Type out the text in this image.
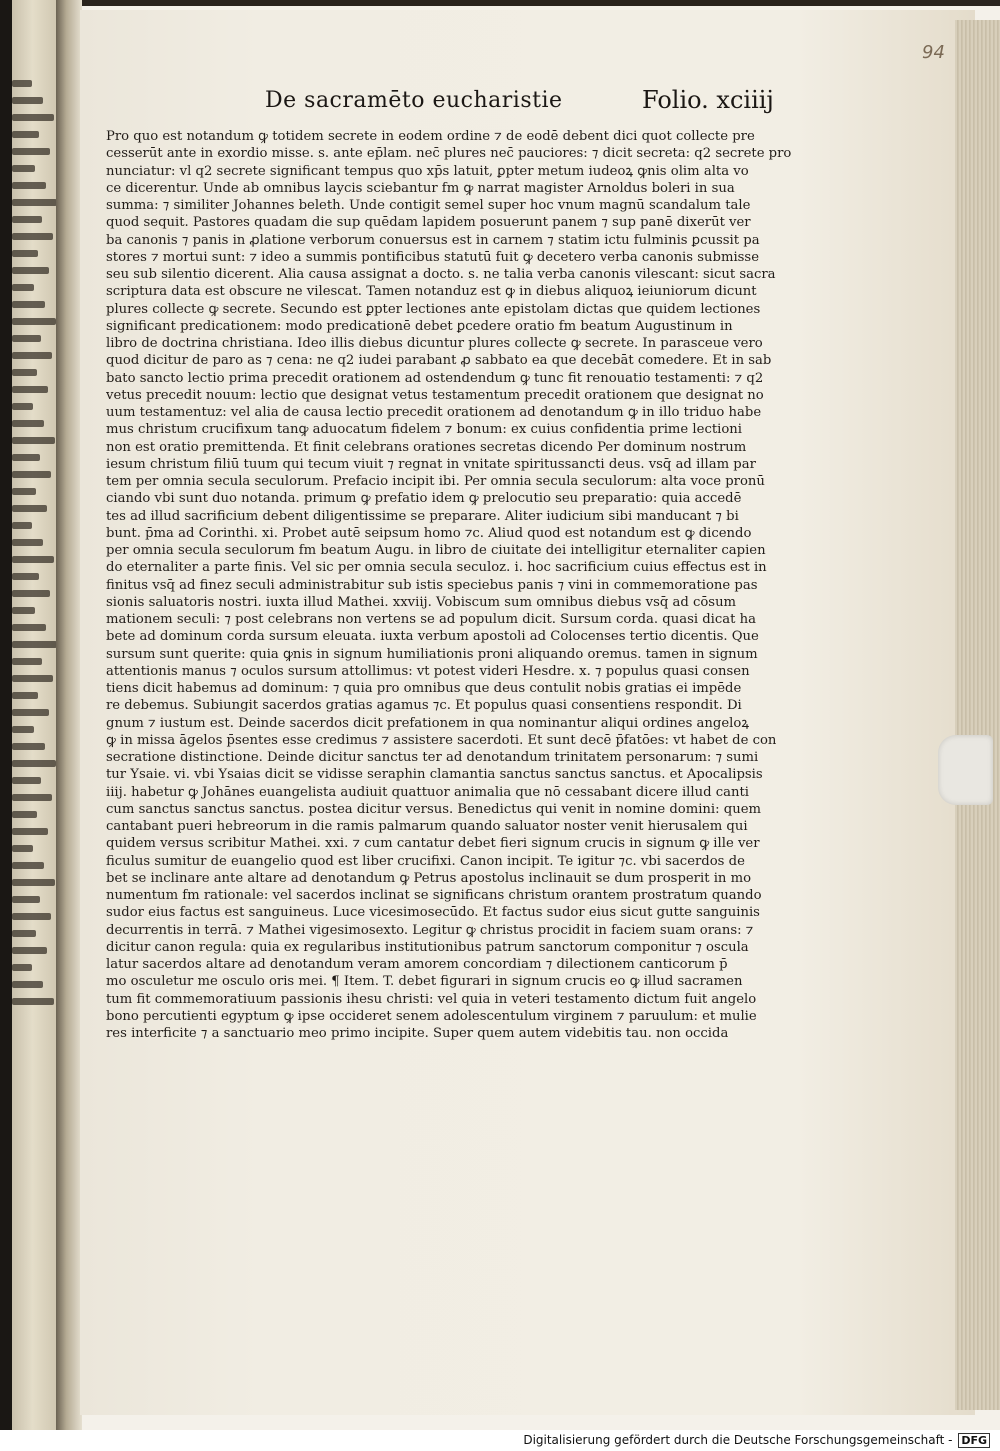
94
De sacramēto eucharistie	Folio. xciiij
Pro quo est notandum ꝙ totidem secrete in eodem ordine ⁊ de eodē debent dici quot collecte pre
cesserūt ante in exordio misse. s. ante ep̄lam. nec̄ plures nec̄ pauciores: ⁊ dicit̄ secreta: q2 secrete pro
nunciatur: vl̄ q2 secrete significant tempus quo xp̄s latuit, ꝑpter metum iudeoꝝ ꝙnis olim alta vo
ce dicerentur. Unde ab omnibus laycis sciebantur fm ꝙ narrat magister Arnoldus boleri in sua
summa: ⁊ similiter Johannes beleth. Unde contigit semel super hoc vnum magnū scandalum tale
quod sequit̄. Pastores quadam die sup quēdam lapidem posuerunt panem ⁊ sup panē dixerūt ver
ba canonis ⁊ panis in ꝓlatione verborum conuersus est in carnem ⁊ statim ictu fulminis ꝑcussit pa
stores ⁊ mortui sunt: ⁊ ideo a summis pontificibus statutū fuit ꝙ decetero verba canonis submisse
seu sub silentio dicerent̄. Alia causa assignat̄ a docto. s. ne talia verba canonis vilescant: sicut sacra
scriptura data est obscure ne vilescat. Tamen notanduz est ꝙ in diebus aliquoꝝ ieiuniorum dicunt̄
plures collecte ꝙ secrete. Secundo est ꝑpter lectiones ante epistolam dictas que quidem lectiones
significant predicationem: modo predicationē debet ꝑcedere oratio fm beatum Augustinum in
libro de doctrina christiana. Ideo illis diebus dicuntur plures collecte ꝙ secrete. In parasceue vero
quod dicitur de paro as ⁊ cena: ne q2 iudei parabant ꝓ sabbato ea que decebāt comedere. Et in sab
bato sancto lectio prima precedit orationem ad ostendendum ꝙ tunc fit renouatio testamenti: ⁊ q2
vetus precedit nouum: lectio que designat vetus testamentum precedit orationem que designat no
uum testamentuz: vel alia de causa lectio precedit orationem ad denotandum ꝙ in illo triduo habe
mus christum crucifixum tanꝙ aduocatum fidelem ⁊ bonum: ex cuius confidentia prime lectioni
non est oratio premittenda. Et finit celebrans orationes secretas dicendo Per dominum nostrum
iesum christum filiū tuum qui tecum viuit ⁊ regnat in vnitate spiritussancti deus. vsq̄ ad illam par
tem per omnia secula seculorum. Prefacio incipit ibi. Per omnia secula seculorum: alta voce pronū
ciando vbi sunt duo notanda. primum ꝙ prefatio idem ꝙ prelocutio seu preparatio: quia accedē
tes ad illud sacrificium debent diligentissime se preparare. Aliter iudicium sibi manducant ⁊ bi
bunt. p̄ma ad Corinthi. xi. Probet autē seipsum homo ⁊c. Aliud quod est notandum est ꝙ dicendo
per omnia secula seculorum fm beatum Augu. in libro de ciuitate dei intelligitur eternaliter capien
do eternaliter a parte finis. Vel sic per omnia secula seculoz. i. hoc sacrificium cuius effectus est in
finitus vsq̄ ad finez seculi administrabitur sub istis speciebus panis ⁊ vini in commemoratione pas
sionis saluatoris nostri. iuxta illud Mathei. xxviij. Vobiscum sum omnibus diebus vsq̄ ad cōsum
mationem seculi: ⁊ post celebrans non vertens se ad populum dicit. Sursum corda. quasi dicat ha
bete ad dominum corda sursum eleuata. iuxta verbum apostoli ad Colocenses tertio dicentis. Que
sursum sunt querite: quia ꝙnis in signum humiliationis proni aliquando oremus. tamen in signum
attentionis manus ⁊ oculos sursum attollimus: vt potest videri Hesdre. x. ⁊ populus quasi consen
tiens dicit habemus ad dominum: ⁊ quia pro omnibus que deus contulit nobis gratias ei impēde
re debemus. Subiungit sacerdos gratias agamus ⁊c. Et populus quasi consentiens respondit. Di
gnum ⁊ iustum est. Deinde sacerdos dicit prefationem in qua nominantur aliqui ordines angeloꝝ
ꝙ in missa āgelos p̄sentes esse credimus ⁊ assistere sacerdoti. Et sunt decē p̄fatōes: vt habet de con
secratione distinctione. Deinde dicitur sanctus ter ad denotandum trinitatem personarum: ⁊ sumi
tur Ysaie. vi. vbi Ysaias dicit se vidisse seraphin clamantia sanctus sanctus sanctus. et Apocalipsis
iiij. habetur ꝙ Johānes euangelista audiuit quattuor animalia que nō cessabant dicere illud canti
cum sanctus sanctus sanctus. postea dicitur versus. Benedictus qui venit in nomine domini: quem
cantabant pueri hebreorum in die ramis palmarum quando saluator noster venit hierusalem qui
quidem versus scribitur Mathei. xxi. ⁊ cum cantatur debet fieri signum crucis in signum ꝙ ille ver
ficulus sumitur de euangelio quod est liber crucifixi. Canon incipit. Te igitur ⁊c. vbi sacerdos de
bet se inclinare ante altare ad denotandum ꝙ Petrus apostolus inclinauit se dum prosperit in mo
numentum fm rationale: vel sacerdos inclinat se significans christum orantem prostratum quando
sudor eius factus est sanguineus. Luce vicesimosecūdo. Et factus sudor eius sicut gutte sanguinis
decurrentis in terrā. ⁊ Mathei vigesimosexto. Legitur ꝙ christus procidit in faciem suam orans: ⁊
dicitur canon regula: quia ex regularibus institutionibus patrum sanctorum componitur ⁊ oscula
latur sacerdos altare ad denotandum veram amorem concordiam ⁊ dilectionem canticorum p̄
mo osculetur me osculo oris mei. ¶ Item. T. debet figurari in signum crucis eo ꝙ illud sacramen
tum fit commemoratiuum passionis ihesu christi: vel quia in veteri testamento dictum fuit angelo
bono percutienti egyptum ꝙ ipse occideret senem adolescentulum virginem ⁊ paruulum: et mulie
res interficite ⁊ a sanctuario meo primo incipite. Super quem autem videbitis tau. non occida
Digitalisierung gefördert durch die Deutsche Forschungsgemeinschaft - DFG
